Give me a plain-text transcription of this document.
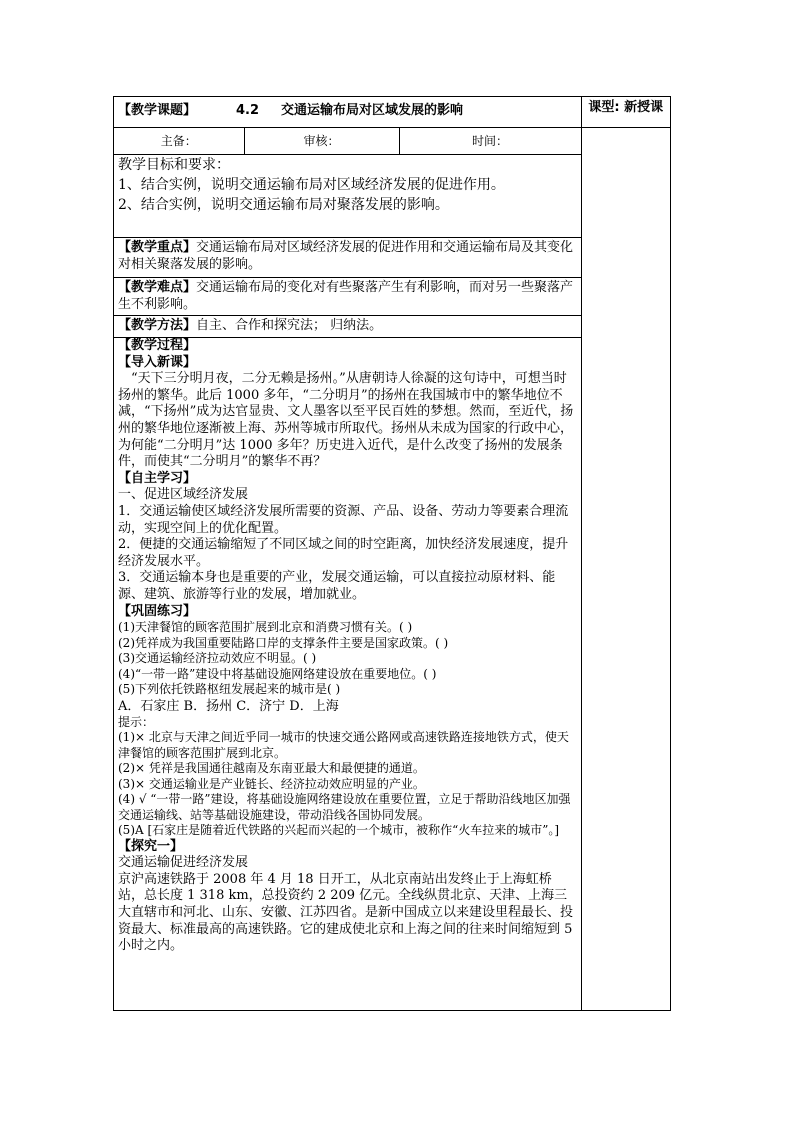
【教学课题】	4.2 交通运输布局对区域发展的影响	课型: 新授课

主备：	审核：	时间：

教学目标和要求：

1、结合实例，说明交通运输布局对区域经济发展的促进作用。

2、结合实例，说明交通运输布局对聚落发展的影响。

【教学重点】交通运输布局对区域经济发展的促进作用和交通运输布局及其变化对相关聚落发展的影响。
【教学难点】交通运输布局的变化对有些聚落产生有利影响，而对另一些聚落产生不利影响。
【教学方法】自主、合作和探究法； 归纳法。

【教学过程】

【导入新课】

“天下三分明月夜，二分无赖是扬州。”从唐朝诗人徐凝的这句诗中，可想当时扬州的繁华。此后 1000 多年，“二分明月”的扬州在我国城市中的繁华地位不减，“下扬州”成为达官显贵、文人墨客以至平民百姓的梦想。然而，至近代，扬州的繁华地位逐渐被上海、苏州等城市所取代。扬州从未成为国家的行政中心，为何能“二分明月”达 1000 多年？历史进入近代，是什么改变了扬州的发展条件，而使其“二分明月”的繁华不再？

【自主学习】

一、促进区域经济发展

1．交通运输使区域经济发展所需要的资源、产品、设备、劳动力等要素合理流动，实现空间上的优化配置。

2．便捷的交通运输缩短了不同区域之间的时空距离，加快经济发展速度，提升经济发展水平。

3．交通运输本身也是重要的产业，发展交通运输，可以直接拉动原材料、能源、建筑、旅游等行业的发展，增加就业。

【巩固练习】

(1)天津餐馆的顾客范围扩展到北京和消费习惯有关。( )

(2)凭祥成为我国重要陆路口岸的支撑条件主要是国家政策。( )

(3)交通运输经济拉动效应不明显。( )

(4)“一带一路”建设中将基础设施网络建设放在重要地位。( )

(5)下列依托铁路枢纽发展起来的城市是( )

A．石家庄 B．扬州 C．济宁 D．上海

提示：

(1)× 北京与天津之间近乎同一城市的快速交通公路网或高速铁路连接地铁方式，使天津餐馆的顾客范围扩展到北京。

(2)× 凭祥是我国通往越南及东南亚最大和最便捷的通道。

(3)× 交通运输业是产业链长、经济拉动效应明显的产业。

(4) √ “一带一路”建设，将基础设施网络建设放在重要位置，立足于帮助沿线地区加强交通运输线、站等基础设施建设，带动沿线各国协同发展。

(5)A [石家庄是随着近代铁路的兴起而兴起的一个城市，被称作“火车拉来的城市”。]

【探究一】

交通运输促进经济发展

京沪高速铁路于 2008 年 4 月 18 日开工，从北京南站出发终止于上海虹桥站，总长度 1 318 km，总投资约 2 209 亿元。全线纵贯北京、天津、上海三大直辖市和河北、山东、安徽、江苏四省。是新中国成立以来建设里程最长、投资最大、标准最高的高速铁路。它的建成使北京和上海之间的往来时间缩短到 5 小时之内。
